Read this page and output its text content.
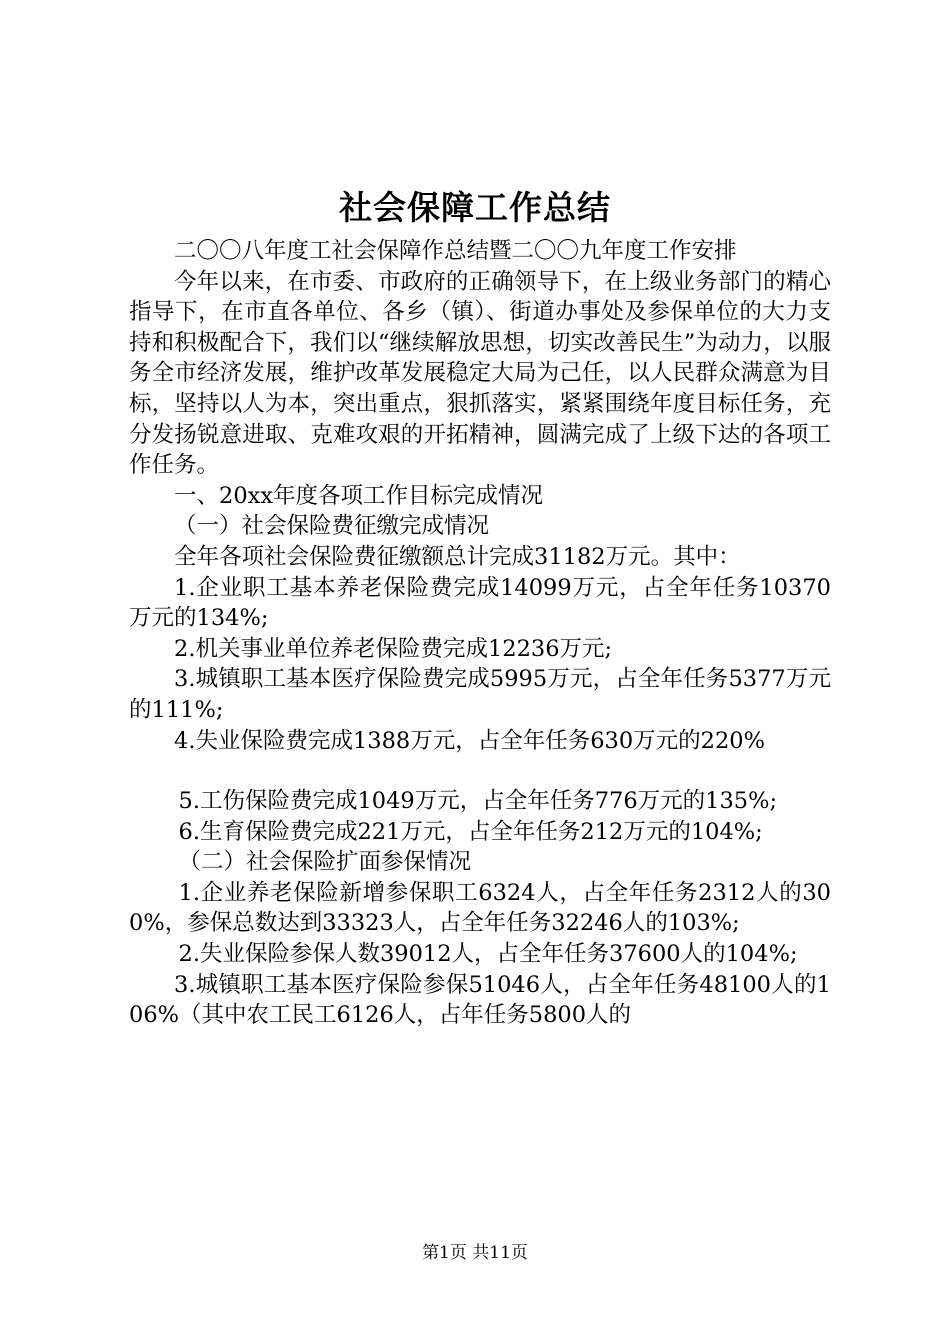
社会保障工作总结

二〇〇八年度工社会保障作总结暨二〇〇九年度工作安排

今年以来，在市委、市政府的正确领导下，在上级业务部门的精心指导下，在市直各单位、各乡（镇）、街道办事处及参保单位的大力支持和积极配合下，我们以“继续解放思想，切实改善民生”为动力，以服务全市经济发展，维护改革发展稳定大局为己任，以人民群众满意为目标，坚持以人为本，突出重点，狠抓落实，紧紧围绕年度目标任务，充分发扬锐意进取、克难攻艰的开拓精神，圆满完成了上级下达的各项工作任务。

一、20xx年度各项工作目标完成情况

（一）社会保险费征缴完成情况

全年各项社会保险费征缴额总计完成31182万元。其中：

1.企业职工基本养老保险费完成14099万元，占全年任务10370万元的134%;

2.机关事业单位养老保险费完成12236万元;

3.城镇职工基本医疗保险费完成5995万元，占全年任务5377万元的111%;

4.失业保险费完成1388万元，占全年任务630万元的220%

5.工伤保险费完成1049万元，占全年任务776万元的135%;

6.生育保险费完成221万元，占全年任务212万元的104%;

（二）社会保险扩面参保情况

1.企业养老保险新增参保职工6324人，占全年任务2312人的300%，参保总数达到33323人，占全年任务32246人的103%;

2.失业保险参保人数39012人，占全年任务37600人的104%;

3.城镇职工基本医疗保险参保51046人，占全年任务48100人的106%（其中农工民工6126人，占年任务5800人的

第1页 共11页
